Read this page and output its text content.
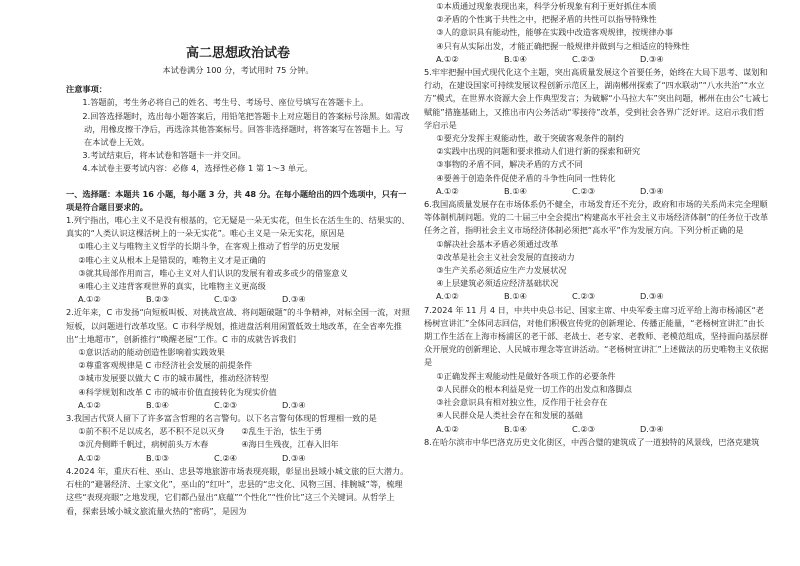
高二思想政治试卷
本试卷满分 100 分，考试用时 75 分钟。
注意事项：

1.答题前，考生务必将自己的姓名、考生号、考场号、座位号填写在答题卡上。

2.回答选择题时，选出每小题答案后，用铅笔把答题卡上对应题目的答案标号涂黑。如需改动，用橡皮擦干净后，再选涂其他答案标号。回答非选择题时，将答案写在答题卡上。写在本试卷上无效。

3.考试结束后，将本试卷和答题卡一并交回。

4.本试卷主要考试内容：必修 4，选择性必修 1 第 1～3 单元。

一、选择题：本题共 16 小题，每小题 3 分，共 48 分。在每小题给出的四个选项中，只有一项是符合题目要求的。

1.列宁指出，唯心主义不是没有根基的，它无疑是一朵无实花，但生长在活生生的、结果实的、真实的“人类认识这棵活树上的一朵无实花”。唯心主义是一朵无实花，原因是

①唯心主义与唯物主义哲学的长期斗争，在客观上推动了哲学的历史发展

②唯心主义从根本上是错误的，唯物主义才是正确的

③就其局部作用而言，唯心主义对人们认识的发展有着或多或少的借鉴意义

④唯心主义违背客观世界的真实，比唯物主义更高级

A.①②	B.②③	C.①③	D.③④

2.近年来，C 市发扬“向短板叫板、对挑战宣战、将问题破题”的斗争精神，对标全国一流，对照短板，以问题进行改革攻坚。C 市科学规划，推进盘活利用闲置低效土地改革，在全省率先推出“土地超市”，创新推行“唤醒老屋”工作。C 市的成就告诉我们

①意识活动的能动创造性影响着实践效果

②尊重客观规律是 C 市经济社会发展的前提条件

③城市发展要以做大 C 市的城市属性，推动经济转型

④科学规划和改革 C 市的城市价值直接转化为现实价值

A.①②	B.①④	C.②③	D.③④

3.我国古代贤人留下了许多富含哲理的名言警句。以下名言警句体现的哲理相一致的是

①前不积不足以成名，恶不积不足以灭身　　②乱生于治，怯生于勇

③沉舟侧畔千帆过，病树前头万木春　　　　④海日生残夜，江春入旧年

A.①②	B.①③	C.②④	D.③④

4.2024 年，重庆石柱、巫山、忠县等地旅游市场表现亮眼，彰显出县域小城文旅的巨大潜力。石柱的“避暑经济、土家文化”，巫山的“红叶”，忠县的“忠文化、风物三国、排腕城”等，梳理这些“表现亮眼”之地发现，它们都凸显出“底蕴”“个性化”“性价比”这三个关键词。从哲学上看，探索县域小城文旅流量火热的“密码”，是因为

①本质通过现象表现出来，科学分析现象有利于更好抓住本质

②矛盾的个性寓于共性之中，把握矛盾的共性可以指导特殊性

③人的意识具有能动性，能够在实践中改造客观规律，按规律办事

④只有从实际出发，才能正确把握一般规律并做到与之相适应的特殊性

A.①②	B.①④	C.②③	D.③④

5.牢牢把握中国式现代化这个主题，突出高质量发展这个首要任务，始终在大局下思考、谋划和行动，在建设国家可持续发展议程创新示范区上，湖南郴州探索了“四水联动”“八水共治”“水立方”模式，在世界水资源大会上作典型发言；为破解“小马拉大车”突出问题，郴州在由公“七减七赋能”措施基础上，又推出市内公务活动“零接待”改革，受到社会各界广泛好评。这启示我们哲学启示是

①要充分发挥主观能动性，敢于突破客观条件的制约

②实践中出现的问题和要求推动人们进行新的探索和研究

③事物的矛盾不同，解决矛盾的方式不同

④要善于创造条件促使矛盾的斗争性向同一性转化

A.①②	B.①④	C.②③	D.③④

6.我国高质量发展存在市场体系仍不健全，市场发育还不充分，政府和市场的关系尚未完全理顺等体制机制问题。党的二十届三中全会提出“构建高水平社会主义市场经济体制”的任务位于改革任务之首，指明社会主义市场经济体制必须把“高水平”作为发展方向。下列分析正确的是

①解决社会基本矛盾必须通过改革

②改革是社会主义社会发展的直接动力

③生产关系必须适应生产力发展状况

④上层建筑必须适应经济基础状况

A.①②	B.①④	C.②③	D.③④

7.2024 年 11 月 4 日，中共中央总书记、国家主席、中央军委主席习近平给上海市杨浦区“老杨树宣讲汇”全体同志回信，对他们积极宣传党的创新理论、传播正能量，“老杨树宣讲汇”由长期工作生活在上海市杨浦区的老干部、老战士、老专家、老教师、老模范组成，坚持面向基层群众开展党的创新理论、人民城市理念等宣讲活动。“老杨树宣讲汇”上述做法的历史唯物主义依据是

①正确发挥主观能动性是做好各项工作的必要条件

②人民群众的根本利益是党一切工作的出发点和落脚点

③社会意识具有相对独立性，反作用于社会存在

④人民群众是人类社会存在和发展的基础

A.①②	B.①④	C.②③	D.③④

8.在哈尔滨市中华巴洛克历史文化街区，中西合璧的建筑成了一道独特的风景线，巴洛克建筑
